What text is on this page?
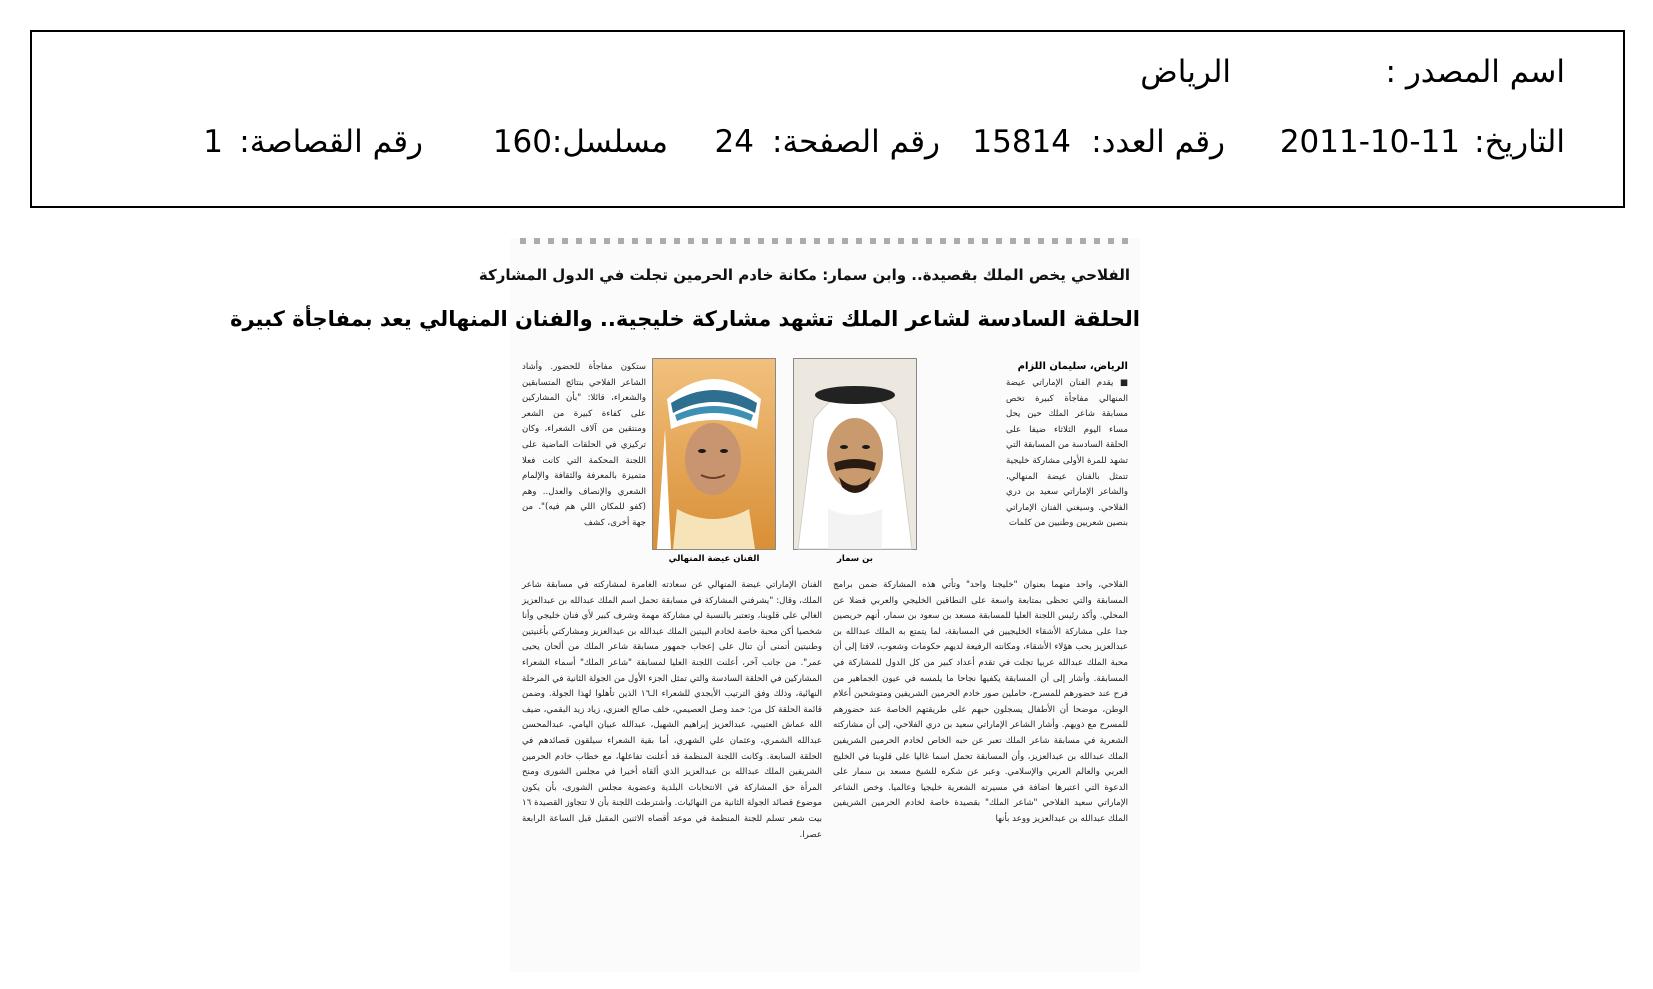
اسم المصدر :
الرياض
التاريخ:
2011-10-11
رقم العدد:
15814
رقم الصفحة:
24
مسلسل:
160
رقم القصاصة:
1
الفلاحي يخص الملك بقصيدة.. وابن سمار: مكانة خادم الحرمين تجلت في الدول المشاركة
الحلقة السادسة لشاعر الملك تشهد مشاركة خليجية.. والفنان المنهالي يعد بمفاجأة كبيرة
الرياض، سليمان اللزام

■ يقدم الفنان الإماراتي عيضة المنهالي مفاجأة كبيرة تخص مسابقة شاعر الملك حين يحل مساء اليوم الثلاثاء ضيفا على الحلقة السادسة من المسابقة التي تشهد للمرة الأولى مشاركة خليجية تتمثل بالفنان عيضة المنهالي، والشاعر الإماراتي سعيد بن دري الفلاحي. وسيغني الفنان الإماراتي بنصين شعريين وطنيين من كلمات

بن سمار
الفنان عيضة المنهالي

ستكون مفاجأة للحضور. وأشاد الشاعر الفلاحي بنتائج المتسابقين والشعراء، قائلا: "بأن المشاركين على كفاءة كبيرة من الشعر ومنتقين من آلاف الشعراء، وكان تركيزي في الحلقات الماضية على اللجنة المحكمة التي كانت فعلا متميزة بالمعرفة والثقافة والإلمام الشعري والإنصاف والعدل.. وهم (كفو للمكان اللي هم فيه)". من جهة أخرى، كشف

الفلاحي، واحد منهما بعنوان "خليجنا واحد" وتأتي هذه المشاركة ضمن برامج المسابقة والتي تحظى بمتابعة واسعة على النطاقين الخليجي والعربي فضلا عن المحلي. وأكد رئيس اللجنة العليا للمسابقة مسعد بن سعود بن سمار، أنهم حريصين جدا على مشاركة الأشقاء الخليجيين في المسابقة، لما يتمتع به الملك عبدالله بن عبدالعزيز بحب هؤلاء الأشقاء، ومكانته الرفيعة لديهم حكومات وشعوب، لافتا إلى أن محبة الملك عبدالله عربيا تجلت في تقدم أعداد كبير من كل الدول للمشاركة في المسابقة. وأشار إلى أن المسابقة يكفيها نجاحا ما يلمسه في عيون الجماهير من فرح عند حضورهم للمسرح، حاملين صور خادم الحرمين الشريفين ومتوشحين أعلام الوطن، موضحا أن الأطفال يسجلون حبهم على طريقتهم الخاصة عند حضورهم للمسرح مع ذويهم. وأشار الشاعر الإماراتي سعيد بن دري الفلاحي، إلى أن مشاركته الشعرية في مسابقة شاعر الملك تعبر عن حبه الخاص لخادم الحرمين الشريفين الملك عبدالله بن عبدالعزيز، وأن المسابقة تحمل اسما غاليا على قلوبنا في الخليج العربي والعالم العربي والإسلامي. وعبر عن شكره للشيخ مسعد بن سمار على الدعوة التي اعتبرها اضافة في مسيرته الشعرية خليجيا وعالميا. وخص الشاعر الإماراتي سعيد الفلاحي "شاعر الملك" بقصيدة خاصة لخادم الحرمين الشريفين الملك عبدالله بن عبدالعزيز ووعد بأنها

الفنان الإماراتي عيضة المنهالي عن سعادته الغامرة لمشاركته في مسابقة شاعر الملك، وقال: "يشرفني المشاركة في مسابقة تحمل اسم الملك عبدالله بن عبدالعزيز الغالي على قلوبنا، وتعتبر بالنسبة لي مشاركة مهمة وشرف كبير لأي فنان خليجي وأنا شخصيا أكن محبة خاصة لخادم البيتين الملك عبدالله بن عبدالعزيز ومشاركتي بأغنيتين وطنيتين أتمنى أن تنال على إعجاب جمهور مسابقة شاعر الملك من ألحان يحيى عمر". من جانب آخر، أعلنت اللجنة العليا لمسابقة "شاعر الملك" أسماء الشعراء المشاركين في الحلقة السادسة والتي تمثل الجزء الأول من الجولة الثانية في المرحلة النهائية، وذلك وفق الترتيب الأبجدي للشعراء الـ١٦ الذين تأهلوا لهذا الجولة. وضمن قائمة الحلقة كل من: حمد وصل العصيمي، خلف صالح العنزي، زياد زيد البقمي، ضيف الله عماش العتيبي، عبدالعزيز إبراهيم الشهيل، عبدالله عبيان اليامي، عبدالمحسن عبدالله الشمري، وعثمان علي الشهري، أما بقية الشعراء سيلقون قصائدهم في الحلقة السابعة. وكانت اللجنة المنظمة قد أعلنت تفاعلها، مع خطاب خادم الحرمين الشريفين الملك عبدالله بن عبدالعزيز الذي ألقاه أخيرا في مجلس الشورى ومنح المرأة حق المشاركة في الانتخابات البلدية وعضوية مجلس الشورى، بأن يكون موضوع قصائد الجولة الثانية من النهائيات. وأشترطت اللجنة بأن لا تتجاوز القصيدة ١٦ بيت شعر تسلم للجنة المنظمة في موعد أقصاه الاثنين المقبل قبل الساعة الرابعة عصرا.
